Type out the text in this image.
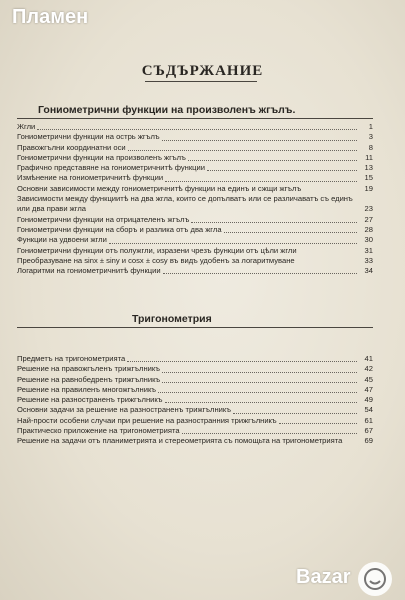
Пламен
СЪДЪРЖАНИЕ
Гониометрични функции на произволенъ жгълъ.
Жгли	1
Гониометрични функции на острь жгълъ	3
Правожгълни координатни оси	8
Гониометрични функции на произволенъ жгълъ	11
Графично представяне на гониометричнитѣ функции	13
Измѣнение на гониометричнитѣ функции	15
Основни зависимости между гониометричнитѣ функции на единъ и сжщи жгълъ	19
Зависимости между функциитѣ на два жгла, които се допълватъ или се различаватъ съ единъ или два прави жгла	23
Гониометрични функции на отрицателенъ жгълъ	27
Гониометрични функции на сборъ и разлика отъ два жгла	28
Функции на удвоени жгли	30
Гониометрични функции отъ полужгли, изразени чрезъ функции отъ цѣли жгли	31
Преобразуване на sinx ± siny и cosx ± cosy въ видъ удобенъ за логаритмуване	33
Логаритми на гониометричнитѣ функции	34
Тригонометрия
Предметъ на тригонометрията	41
Решение на правожгъленъ трижгълникъ	42
Решение на равнобедренъ трижгълникъ	45
Решение на правиленъ многожгълникъ	47
Решение на разностраненъ трижгълникъ	49
Основни задачи за решение на разностраненъ трижгълникъ	54
Най-прости особени случаи при решение на разностранния трижгълникъ	61
Практическо приложение на тригонометрията	67
Решение на задачи отъ планиметрията и стереометрията съ помощьта на тригонометрията	69
Bazar
